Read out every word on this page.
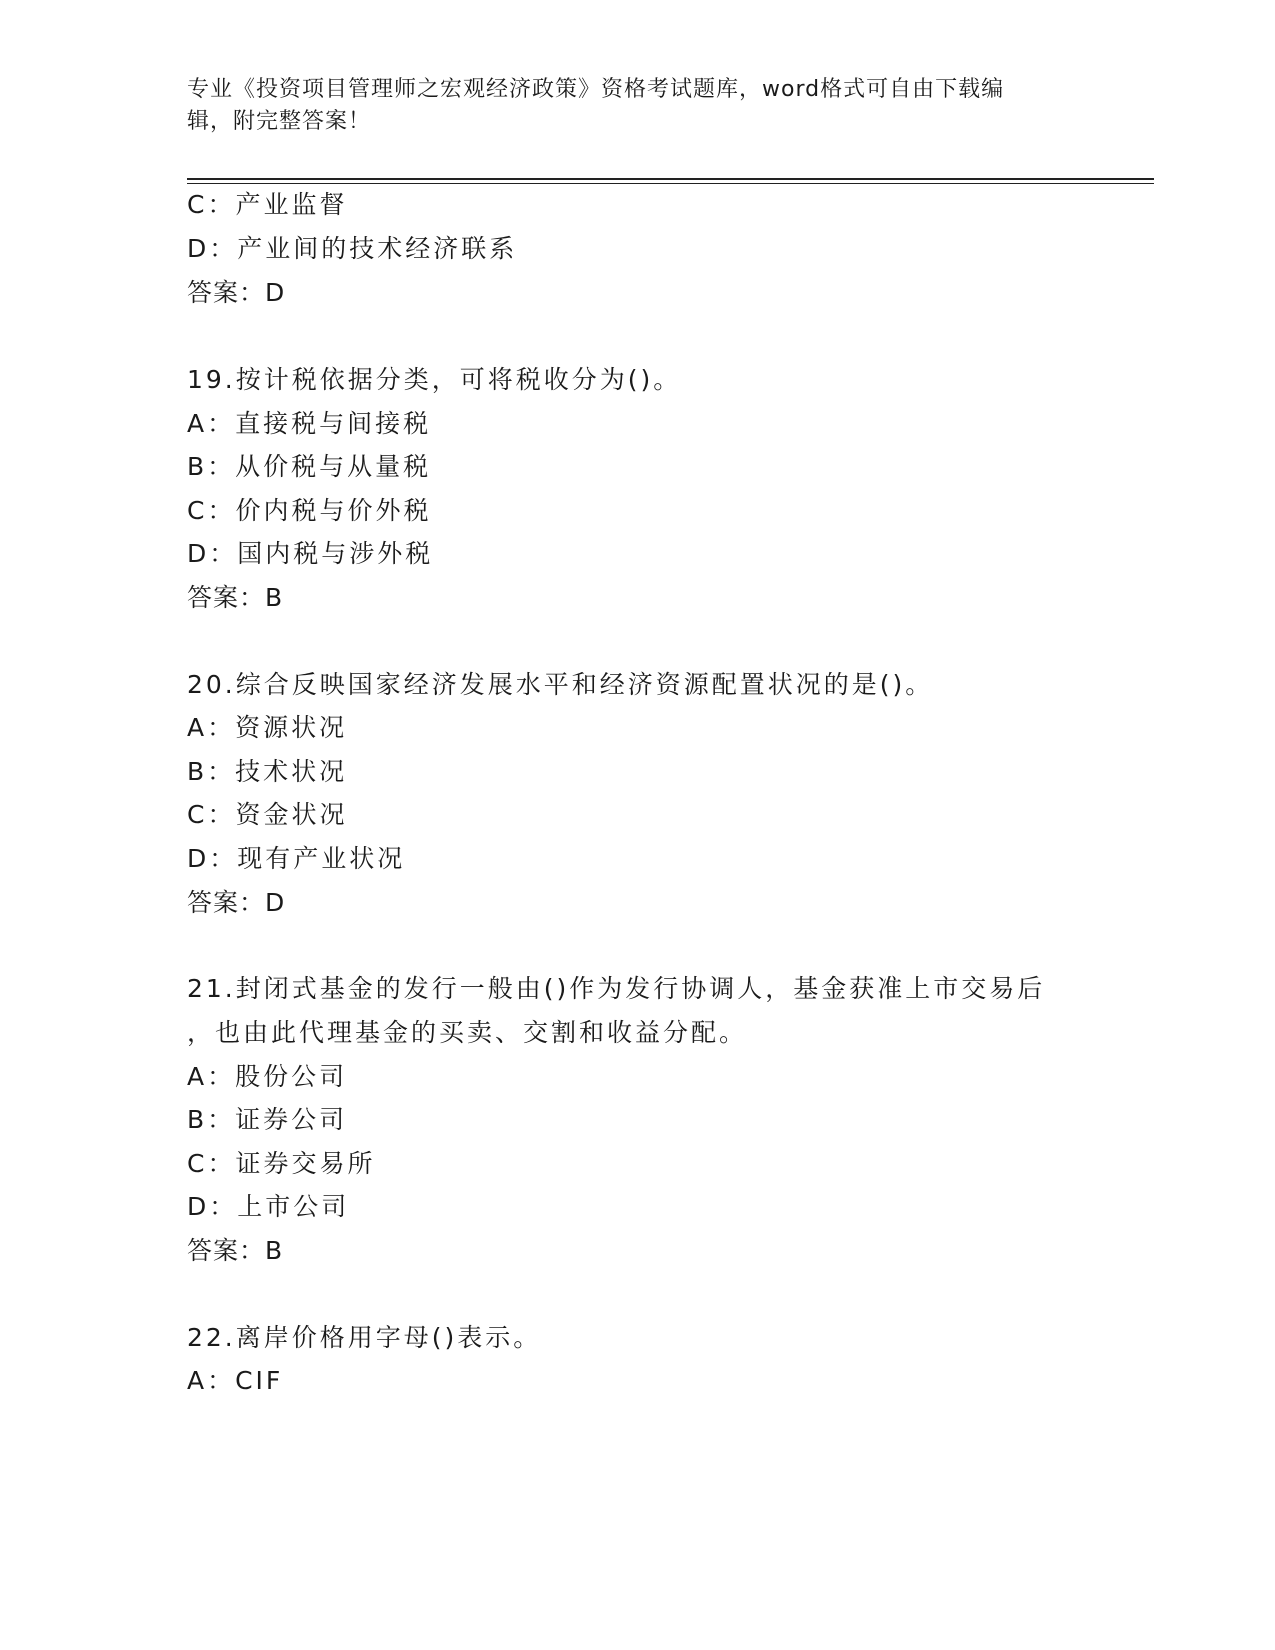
专业《投资项目管理师之宏观经济政策》资格考试题库，word格式可自由下载编
辑，附完整答案！
C：产业监督
D：产业间的技术经济联系
答案：D
19.按计税依据分类，可将税收分为()。
A：直接税与间接税
B：从价税与从量税
C：价内税与价外税
D：国内税与涉外税
答案：B
20.综合反映国家经济发展水平和经济资源配置状况的是()。
A：资源状况
B：技术状况
C：资金状况
D：现有产业状况
答案：D
21.封闭式基金的发行一般由()作为发行协调人，基金获准上市交易后
，也由此代理基金的买卖、交割和收益分配。
A：股份公司
B：证券公司
C：证券交易所
D：上市公司
答案：B
22.离岸价格用字母()表示。
A：CIF
